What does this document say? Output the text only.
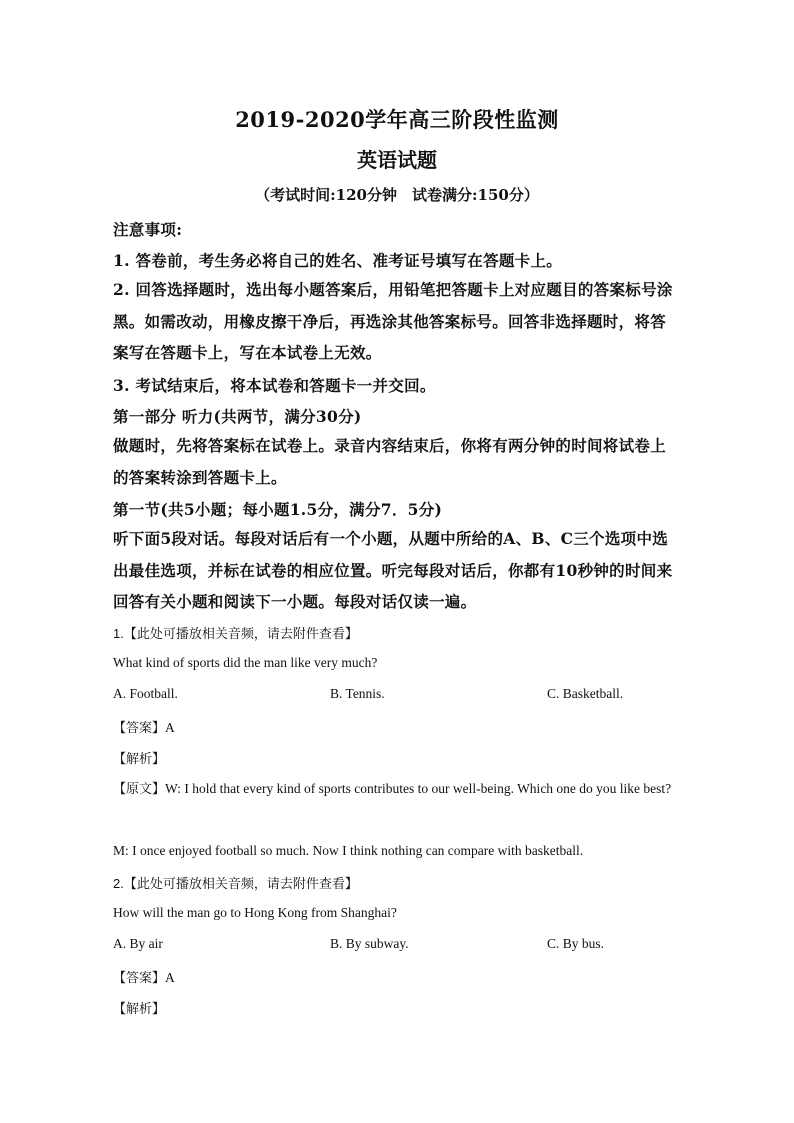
2019-2020学年高三阶段性监测
英语试题
（考试时间:120分钟　试卷满分:150分）
注意事项:
1. 答卷前，考生务必将自己的姓名、准考证号填写在答题卡上。
2. 回答选择题时，选出每小题答案后，用铅笔把答题卡上对应题目的答案标号涂黑。如需改动，用橡皮擦干净后，再选涂其他答案标号。回答非选择题时，将答案写在答题卡上，写在本试卷上无效。
3. 考试结束后，将本试卷和答题卡一并交回。
第一部分 听力(共两节，满分30分)
做题时，先将答案标在试卷上。录音内容结束后，你将有两分钟的时间将试卷上的答案转涂到答题卡上。
第一节(共5小题；每小题1.5分，满分7．5分)
听下面5段对话。每段对话后有一个小题，从题中所给的A、B、C三个选项中选出最佳选项，并标在试卷的相应位置。听完每段对话后，你都有10秒钟的时间来回答有关小题和阅读下一小题。每段对话仅读一遍。
1.【此处可播放相关音频，请去附件查看】
What kind of sports did the man like very much?
A. Football.	B. Tennis.	C. Basketball.
【答案】A
【解析】
【原文】W: I hold that every kind of sports contributes to our well-being. Which one do you like best?
M: I once enjoyed football so much. Now I think nothing can compare with basketball.
2.【此处可播放相关音频，请去附件查看】
How will the man go to Hong Kong from Shanghai?
A. By air	B. By subway.	C. By bus.
【答案】A
【解析】
